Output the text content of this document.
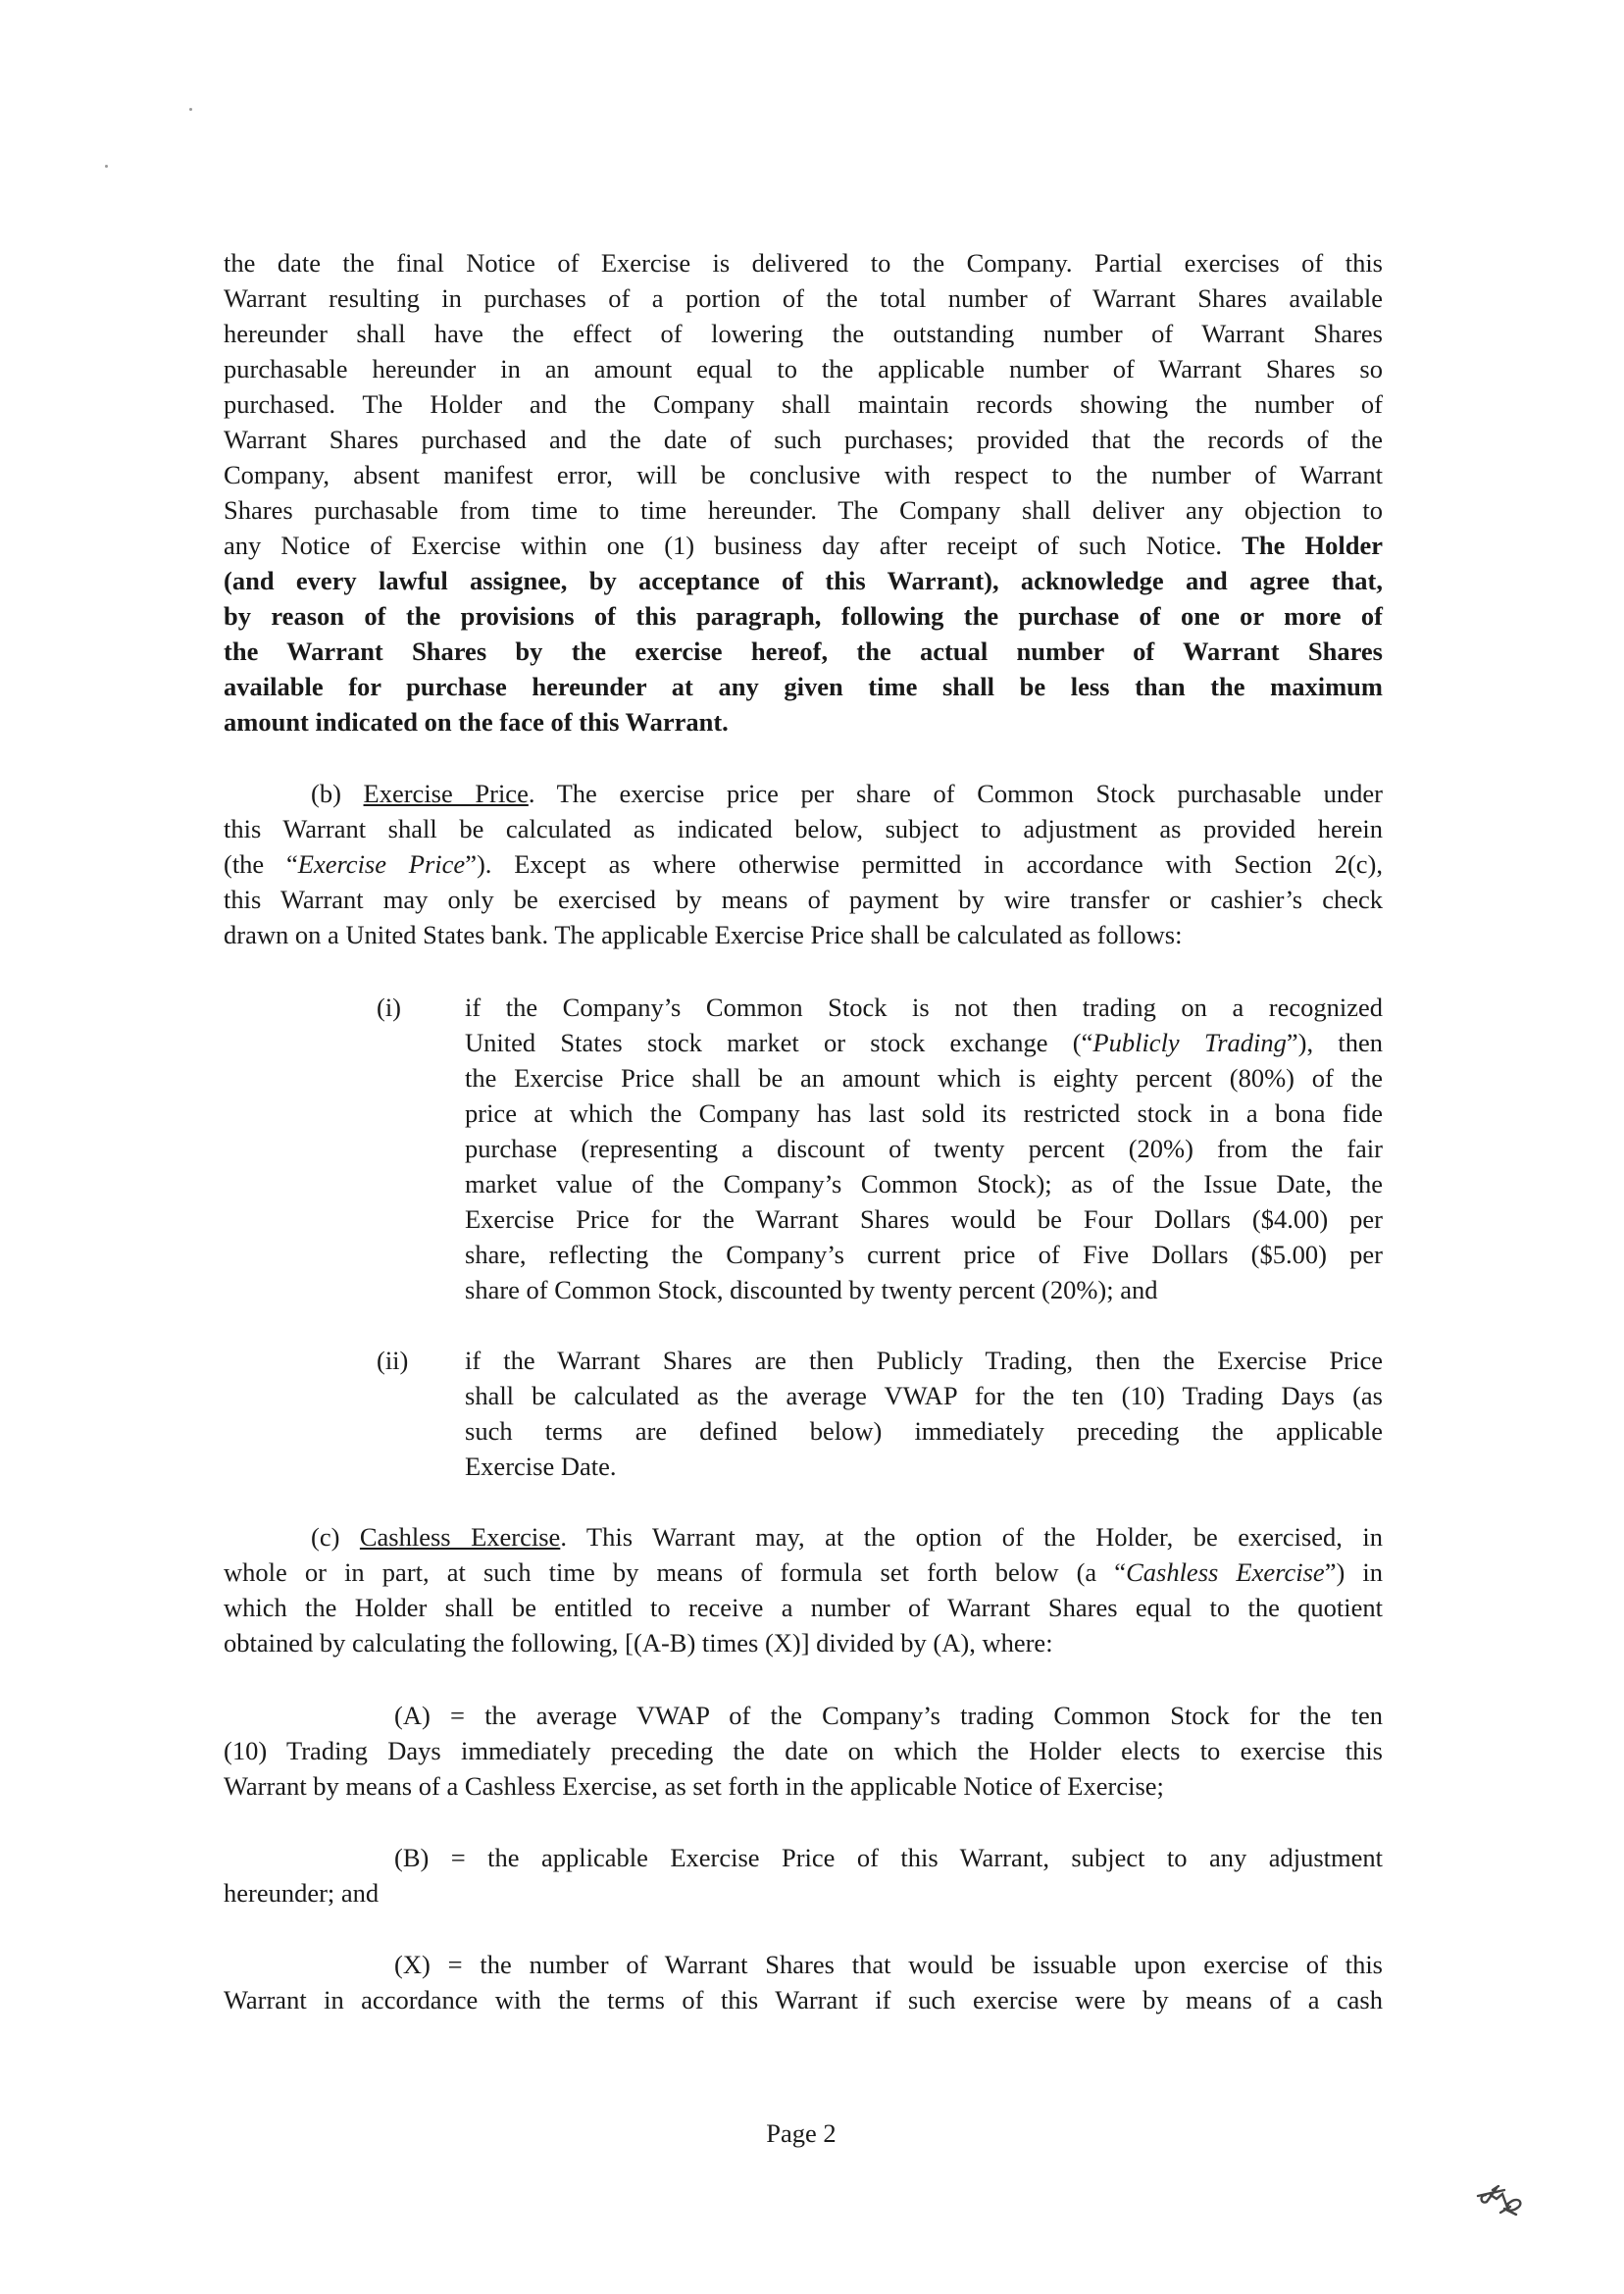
the date the final Notice of Exercise is delivered to the Company. Partial exercises of this
Warrant resulting in purchases of a portion of the total number of Warrant Shares available
hereunder shall have the effect of lowering the outstanding number of Warrant Shares
purchasable hereunder in an amount equal to the applicable number of Warrant Shares so
purchased. The Holder and the Company shall maintain records showing the number of
Warrant Shares purchased and the date of such purchases; provided that the records of the
Company, absent manifest error, will be conclusive with respect to the number of Warrant
Shares purchasable from time to time hereunder. The Company shall deliver any objection to
any Notice of Exercise within one (1) business day after receipt of such Notice. The Holder
(and every lawful assignee, by acceptance of this Warrant), acknowledge and agree that,
by reason of the provisions of this paragraph, following the purchase of one or more of
the Warrant Shares by the exercise hereof, the actual number of Warrant Shares
available for purchase hereunder at any given time shall be less than the maximum
amount indicated on the face of this Warrant.
(b) Exercise Price. The exercise price per share of Common Stock purchasable under
this Warrant shall be calculated as indicated below, subject to adjustment as provided herein
(the “Exercise Price”). Except as where otherwise permitted in accordance with Section 2(c),
this Warrant may only be exercised by means of payment by wire transfer or cashier’s check
drawn on a United States bank. The applicable Exercise Price shall be calculated as follows:
(i) if the Company’s Common Stock is not then trading on a recognized
United States stock market or stock exchange (“Publicly Trading”), then
the Exercise Price shall be an amount which is eighty percent (80%) of the
price at which the Company has last sold its restricted stock in a bona fide
purchase (representing a discount of twenty percent (20%) from the fair
market value of the Company’s Common Stock); as of the Issue Date, the
Exercise Price for the Warrant Shares would be Four Dollars ($4.00) per
share, reflecting the Company’s current price of Five Dollars ($5.00) per
share of Common Stock, discounted by twenty percent (20%); and
(ii) if the Warrant Shares are then Publicly Trading, then the Exercise Price
shall be calculated as the average VWAP for the ten (10) Trading Days (as
such terms are defined below) immediately preceding the applicable
Exercise Date.
(c) Cashless Exercise. This Warrant may, at the option of the Holder, be exercised, in
whole or in part, at such time by means of formula set forth below (a “Cashless Exercise”) in
which the Holder shall be entitled to receive a number of Warrant Shares equal to the quotient
obtained by calculating the following, [(A-B) times (X)] divided by (A), where:
(A) = the average VWAP of the Company’s trading Common Stock for the ten
(10) Trading Days immediately preceding the date on which the Holder elects to exercise this
Warrant by means of a Cashless Exercise, as set forth in the applicable Notice of Exercise;
(B) = the applicable Exercise Price of this Warrant, subject to any adjustment
hereunder; and
(X) = the number of Warrant Shares that would be issuable upon exercise of this
Warrant in accordance with the terms of this Warrant if such exercise were by means of a cash
Page 2
